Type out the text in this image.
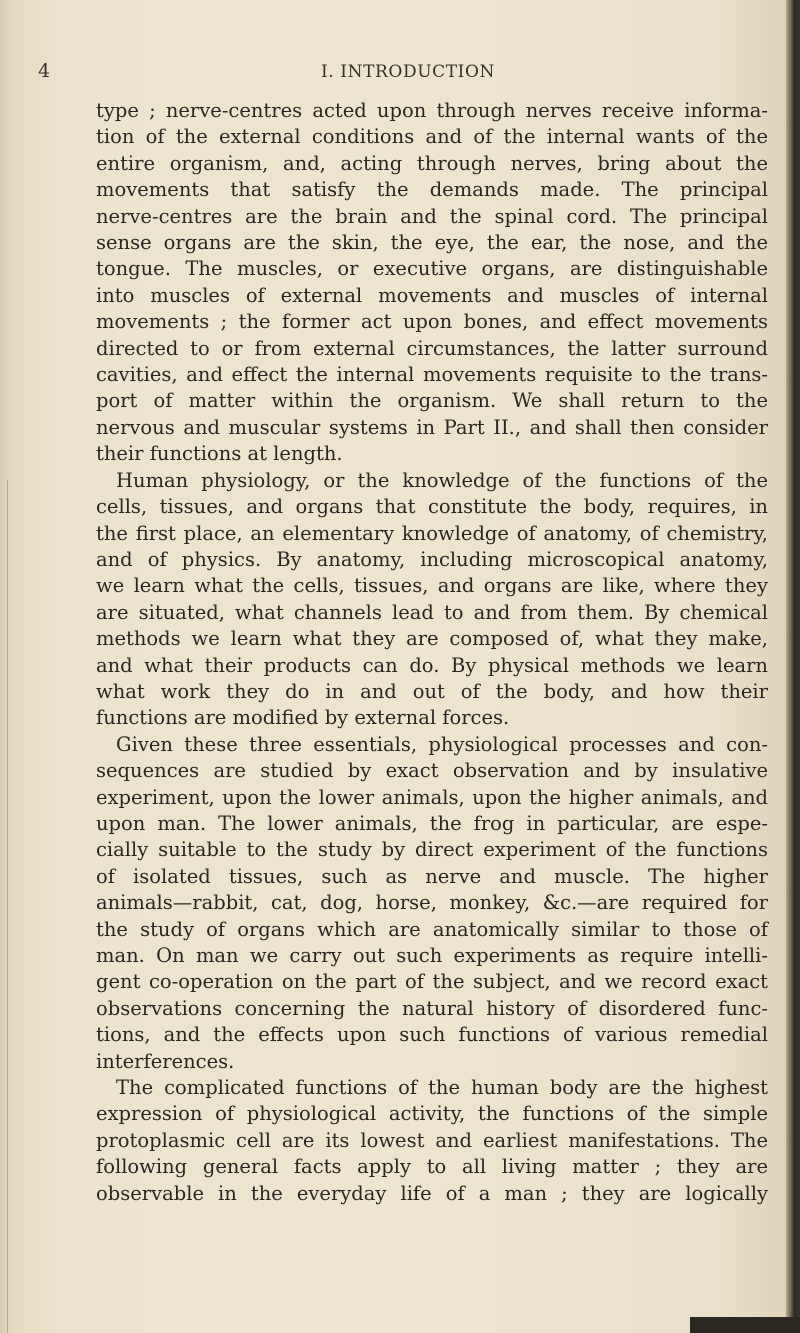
4	I. INTRODUCTION
type ; nerve-centres acted upon through nerves receive informa-
tion of the external conditions and of the internal wants of the
entire organism, and, acting through nerves, bring about the
movements that satisfy the demands made. The principal
nerve-centres are the brain and the spinal cord. The principal
sense organs are the skin, the eye, the ear, the nose, and the
tongue. The muscles, or executive organs, are distinguishable
into muscles of external movements and muscles of internal
movements ; the former act upon bones, and effect movements
directed to or from external circumstances, the latter surround
cavities, and effect the internal movements requisite to the trans-
port of matter within the organism. We shall return to the
nervous and muscular systems in Part II., and shall then consider
their functions at length.
Human physiology, or the knowledge of the functions of the
cells, tissues, and organs that constitute the body, requires, in
the first place, an elementary knowledge of anatomy, of chemistry,
and of physics. By anatomy, including microscopical anatomy,
we learn what the cells, tissues, and organs are like, where they
are situated, what channels lead to and from them. By chemical
methods we learn what they are composed of, what they make,
and what their products can do. By physical methods we learn
what work they do in and out of the body, and how their
functions are modified by external forces.
Given these three essentials, physiological processes and con-
sequences are studied by exact observation and by insulative
experiment, upon the lower animals, upon the higher animals, and
upon man. The lower animals, the frog in particular, are espe-
cially suitable to the study by direct experiment of the functions
of isolated tissues, such as nerve and muscle. The higher
animals—rabbit, cat, dog, horse, monkey, &c.—are required for
the study of organs which are anatomically similar to those of
man. On man we carry out such experiments as require intelli-
gent co-operation on the part of the subject, and we record exact
observations concerning the natural history of disordered func-
tions, and the effects upon such functions of various remedial
interferences.
The complicated functions of the human body are the highest
expression of physiological activity, the functions of the simple
protoplasmic cell are its lowest and earliest manifestations. The
following general facts apply to all living matter ; they are
observable in the everyday life of a man ; they are logically
